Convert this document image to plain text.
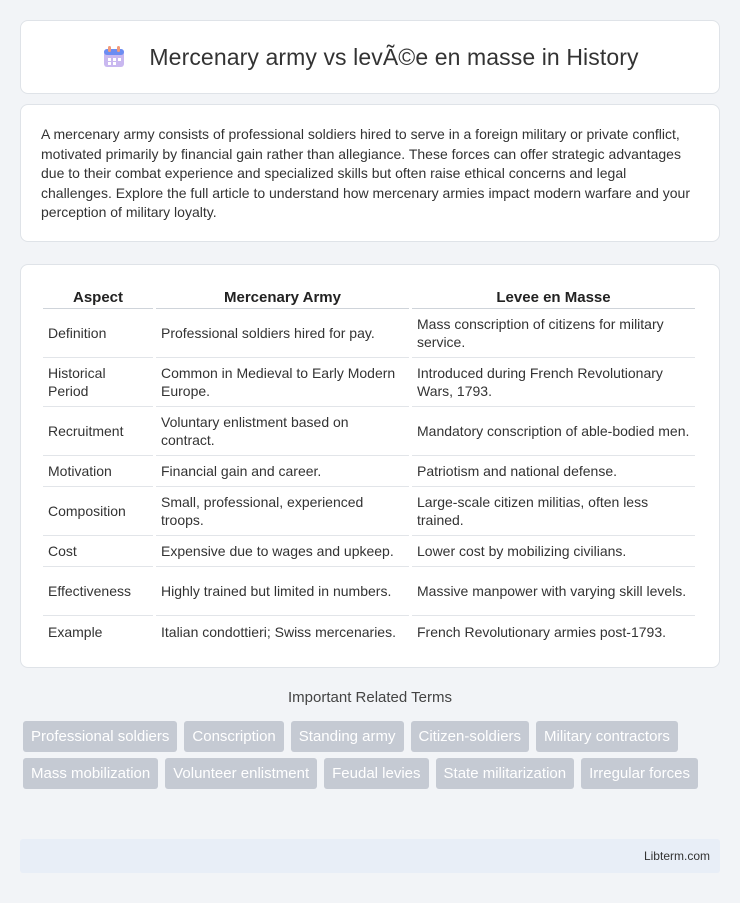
Mercenary army vs levÃ©e en masse in History

A mercenary army consists of professional soldiers hired to serve in a foreign military or private conflict, motivated primarily by financial gain rather than allegiance. These forces can offer strategic advantages due to their combat experience and specialized skills but often raise ethical concerns and legal challenges. Explore the full article to understand how mercenary armies impact modern warfare and your perception of military loyalty.

Aspect	Mercenary Army	Levee en Masse
Definition	Professional soldiers hired for pay.	Mass conscription of citizens for military service.
Historical Period	Common in Medieval to Early Modern Europe.	Introduced during French Revolutionary Wars, 1793.
Recruitment	Voluntary enlistment based on contract.	Mandatory conscription of able-bodied men.
Motivation	Financial gain and career.	Patriotism and national defense.
Composition	Small, professional, experienced troops.	Large-scale citizen militias, often less trained.
Cost	Expensive due to wages and upkeep.	Lower cost by mobilizing civilians.
Effectiveness	Highly trained but limited in numbers.	Massive manpower with varying skill levels.
Example	Italian condottieri; Swiss mercenaries.	French Revolutionary armies post-1793.
Important Related Terms
Professional soldiers	Conscription	Standing army	Citizen-soldiers	Military contractors
Mass mobilization	Volunteer enlistment	Feudal levies	State militarization	Irregular forces
Libterm.com
